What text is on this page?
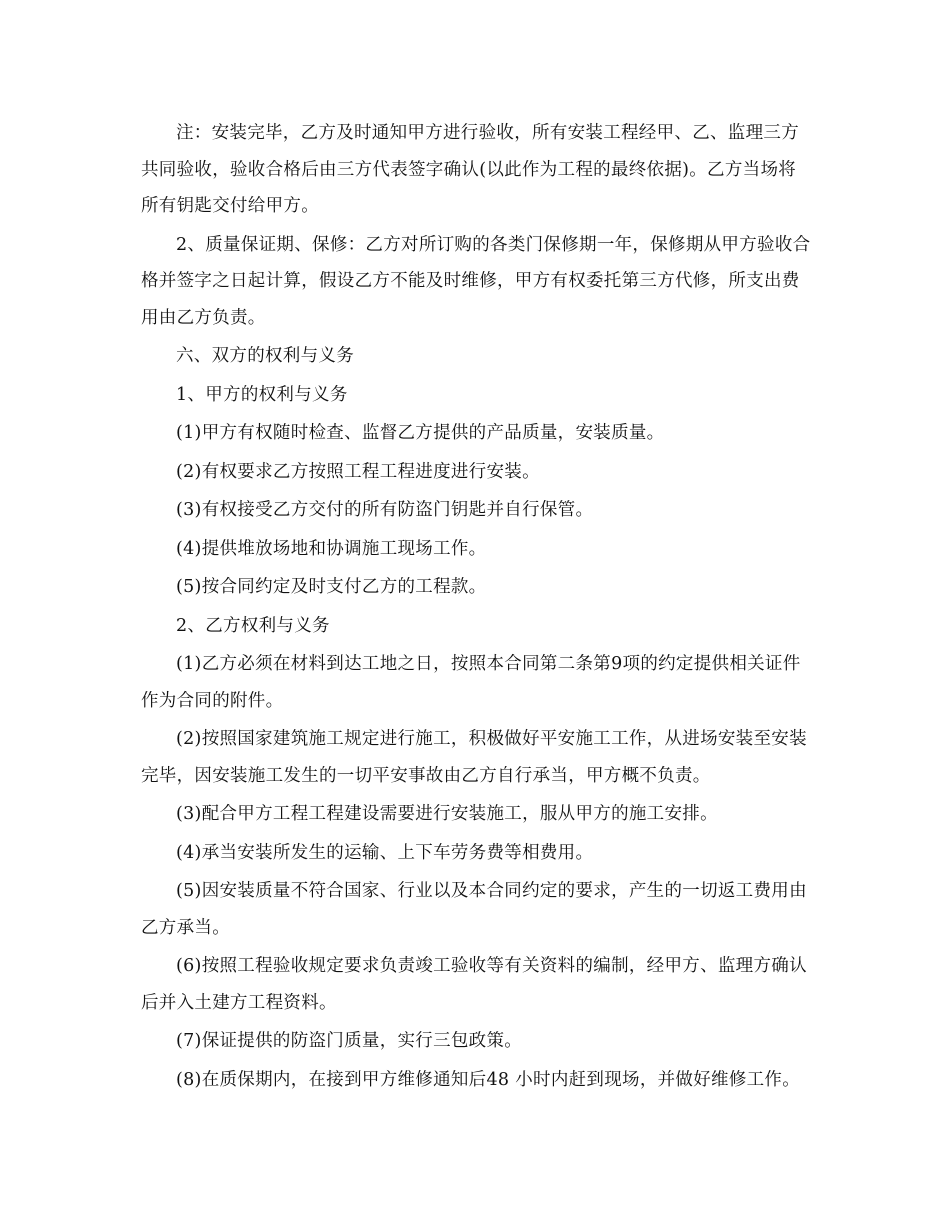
注：安装完毕，乙方及时通知甲方进行验收，所有安装工程经甲、乙、监理三方共同验收，验收合格后由三方代表签字确认(以此作为工程的最终依据)。乙方当场将所有钥匙交付给甲方。

2、质量保证期、保修：乙方对所订购的各类门保修期一年，保修期从甲方验收合格并签字之日起计算，假设乙方不能及时维修，甲方有权委托第三方代修，所支出费用由乙方负责。

六、双方的权利与义务

1、甲方的权利与义务

(1)甲方有权随时检查、监督乙方提供的产品质量，安装质量。

(2)有权要求乙方按照工程工程进度进行安装。

(3)有权接受乙方交付的所有防盗门钥匙并自行保管。

(4)提供堆放场地和协调施工现场工作。

(5)按合同约定及时支付乙方的工程款。

2、乙方权利与义务

(1)乙方必须在材料到达工地之日，按照本合同第二条第9项的约定提供相关证件作为合同的附件。

(2)按照国家建筑施工规定进行施工，积极做好平安施工工作，从进场安装至安装完毕，因安装施工发生的一切平安事故由乙方自行承当，甲方概不负责。

(3)配合甲方工程工程建设需要进行安装施工，服从甲方的施工安排。

(4)承当安装所发生的运输、上下车劳务费等相费用。

(5)因安装质量不符合国家、行业以及本合同约定的要求，产生的一切返工费用由乙方承当。

(6)按照工程验收规定要求负责竣工验收等有关资料的编制，经甲方、监理方确认后并入土建方工程资料。

(7)保证提供的防盗门质量，实行三包政策。

(8)在质保期内，在接到甲方维修通知后48 小时内赶到现场，并做好维修工作。
